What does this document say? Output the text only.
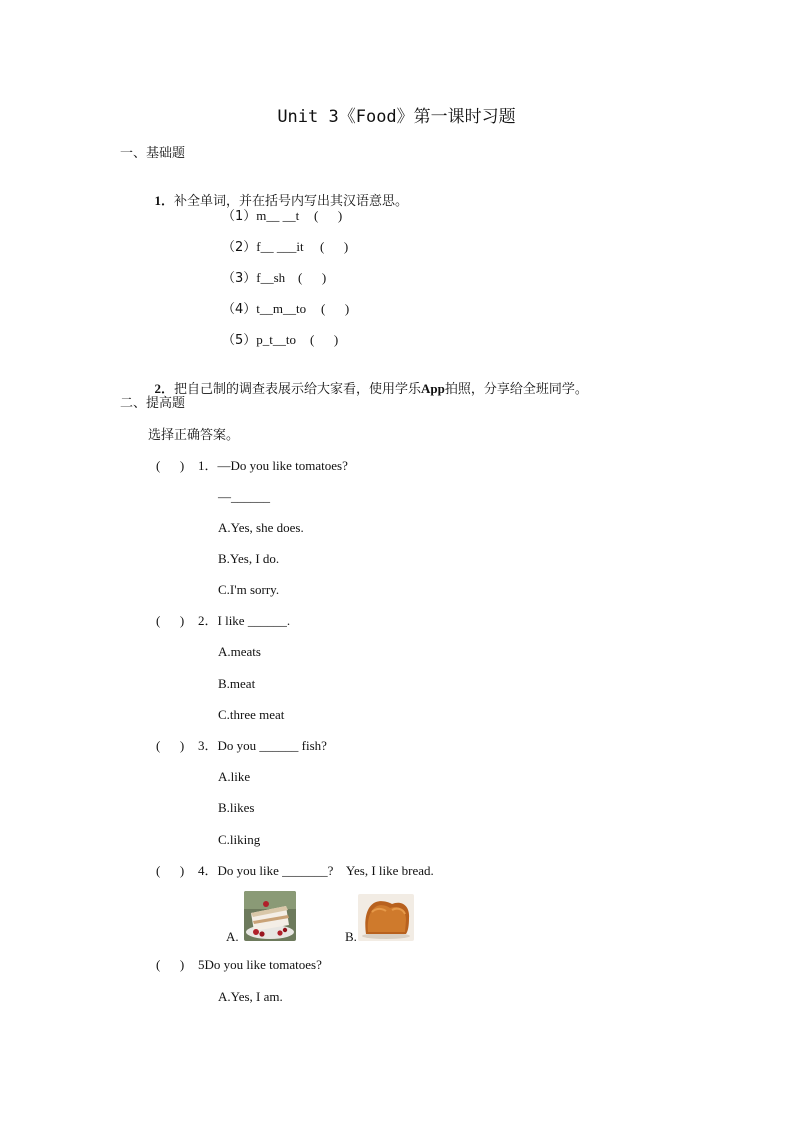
Unit 3《Food》第一课时习题
一、基础题

1．补全单词，并在括号内写出其汉语意思。

（1）m__ __t (      )
（2）f__ ___it (      )
（3）f__sh (      )
（4）t__m__to (      )
（5）p_t__to (      )

2．把自己制的调查表展示给大家看，使用学乐App拍照，分享给全班同学。

二、提高题
选择正确答案。
(      ) 1．—Do you like tomatoes?
—______
A.Yes, she does.
B.Yes, I do.
C.I'm sorry.
(      ) 2．I like ______.
A.meats
B.meat
C.three meat
(      ) 3．Do you ______ fish?
A.like
B.likes
C.liking
(      ) 4．Do you like _______?    Yes, I like bread.
A.	B.
(      ) 5Do you like tomatoes?
A.Yes, I am.
